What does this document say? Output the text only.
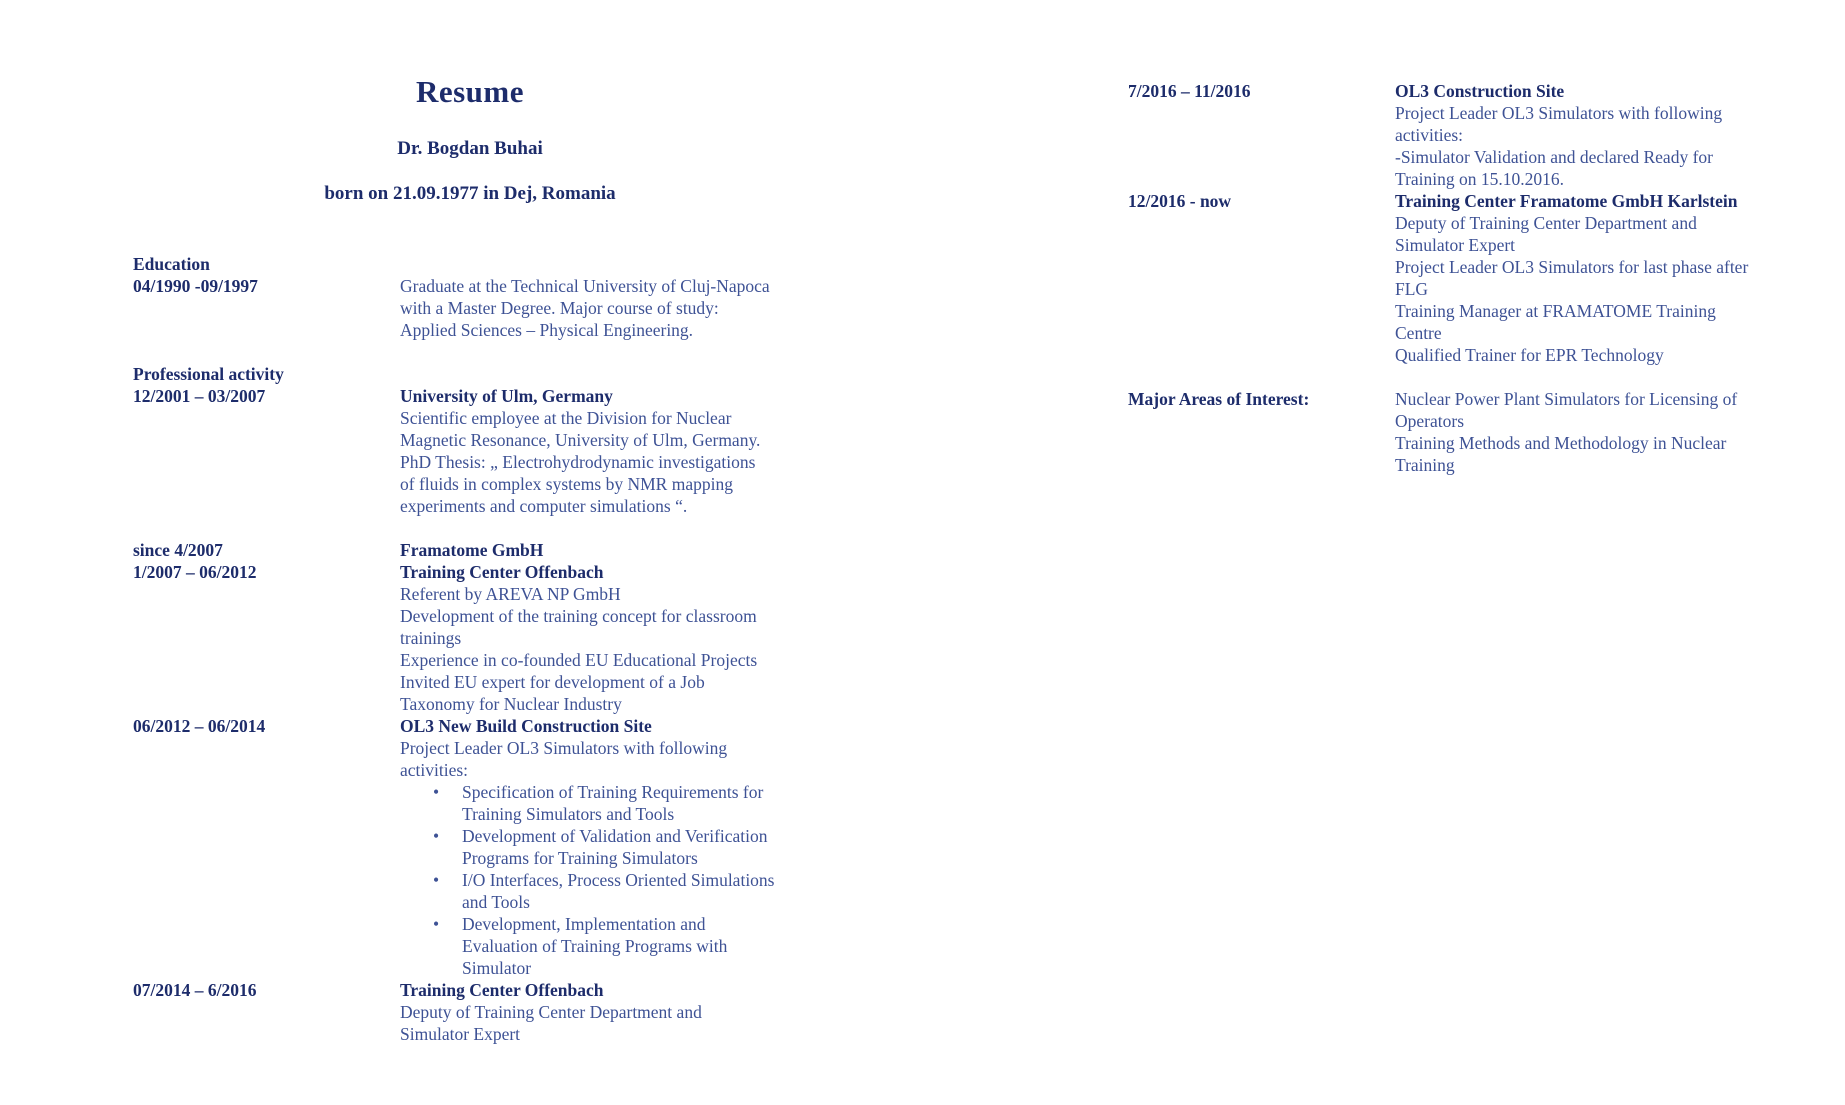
Resume
Dr. Bogdan Buhai
born on 21.09.1977 in Dej, Romania
Education
04/1990 -09/1997	Graduate at the Technical University of Cluj-Napoca
with a Master Degree. Major course of study:
Applied Sciences – Physical Engineering.
Professional activity
12/2001 – 03/2007	University of Ulm, Germany
Scientific employee at the Division for Nuclear
Magnetic Resonance, University of Ulm, Germany.
PhD Thesis: „ Electrohydrodynamic investigations
of fluids in complex systems by NMR mapping
experiments and computer simulations “.
since 4/2007	Framatome GmbH
1/2007 – 06/2012	Training Center Offenbach
Referent by AREVA NP GmbH
Development of the training concept for classroom
trainings
Experience in co-founded EU Educational Projects
Invited EU expert for development of a Job
Taxonomy for Nuclear Industry
06/2012 – 06/2014	OL3 New Build Construction Site
Project Leader OL3 Simulators with following
activities:
• Specification of Training Requirements for
Training Simulators and Tools
• Development of Validation and Verification
Programs for Training Simulators
• I/O Interfaces, Process Oriented Simulations
and Tools
• Development, Implementation and
Evaluation of Training Programs with
Simulator
07/2014 – 6/2016	Training Center Offenbach
Deputy of Training Center Department and
Simulator Expert
7/2016 – 11/2016	OL3 Construction Site
Project Leader OL3 Simulators with following
activities:
-Simulator Validation and declared Ready for
Training on 15.10.2016.
12/2016 - now	Training Center Framatome GmbH Karlstein
Deputy of Training Center Department and
Simulator Expert
Project Leader OL3 Simulators for last phase after
FLG
Training Manager at FRAMATOME Training
Centre
Qualified Trainer for EPR Technology
Major Areas of Interest:	Nuclear Power Plant Simulators for Licensing of
Operators
Training Methods and Methodology in Nuclear
Training
